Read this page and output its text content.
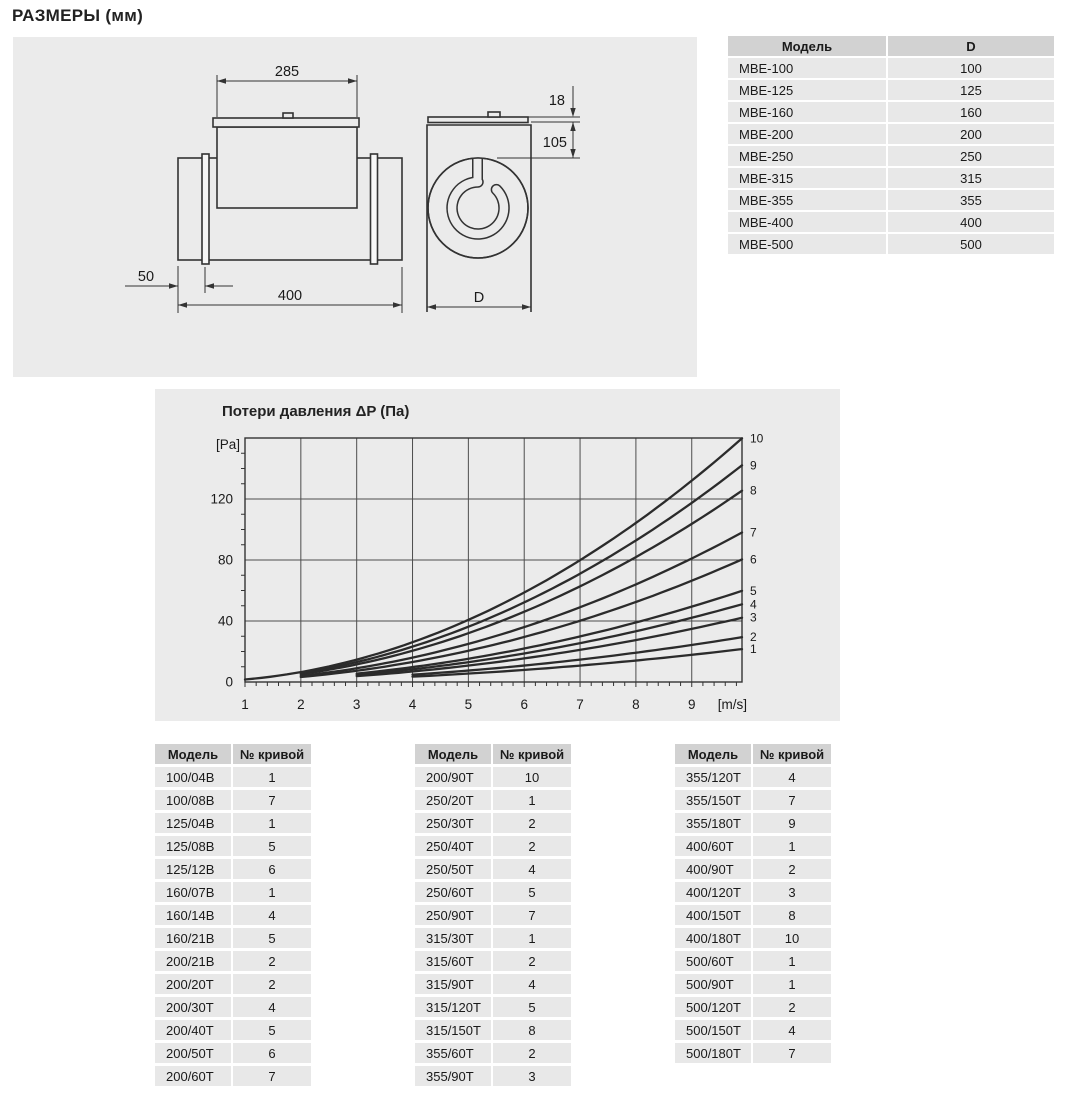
РАЗМЕРЫ (мм)
285
18
105
50
400	D
Модель	D
MBE-100	100
MBE-125	125
MBE-160	160
MBE-200	200
MBE-250	250
MBE-315	315
MBE-355	355
MBE-400	400
MBE-500	500
Потери давления ΔP (Па)
1
2
3
4
5
6
7
8
9
10
1	2	3	4	5	6	7	8	9
0
40
80
120
[Pa]
[m/s]
Модель	№ кривой
100/04B	1
100/08B	7
125/04B	1
125/08B	5
125/12B	6
160/07B	1
160/14B	4
160/21B	5
200/21B	2
200/20T	2
200/30T	4
200/40T	5
200/50T	6
200/60T	7
Модель	№ кривой
200/90T	10
250/20T	1
250/30T	2
250/40T	2
250/50T	4
250/60T	5
250/90T	7
315/30T	1
315/60T	2
315/90T	4
315/120T	5
315/150T	8
355/60T	2
355/90T	3
Модель	№ кривой
355/120T	4
355/150T	7
355/180T	9
400/60T	1
400/90T	2
400/120T	3
400/150T	8
400/180T	10
500/60T	1
500/90T	1
500/120T	2
500/150T	4
500/180T	7
